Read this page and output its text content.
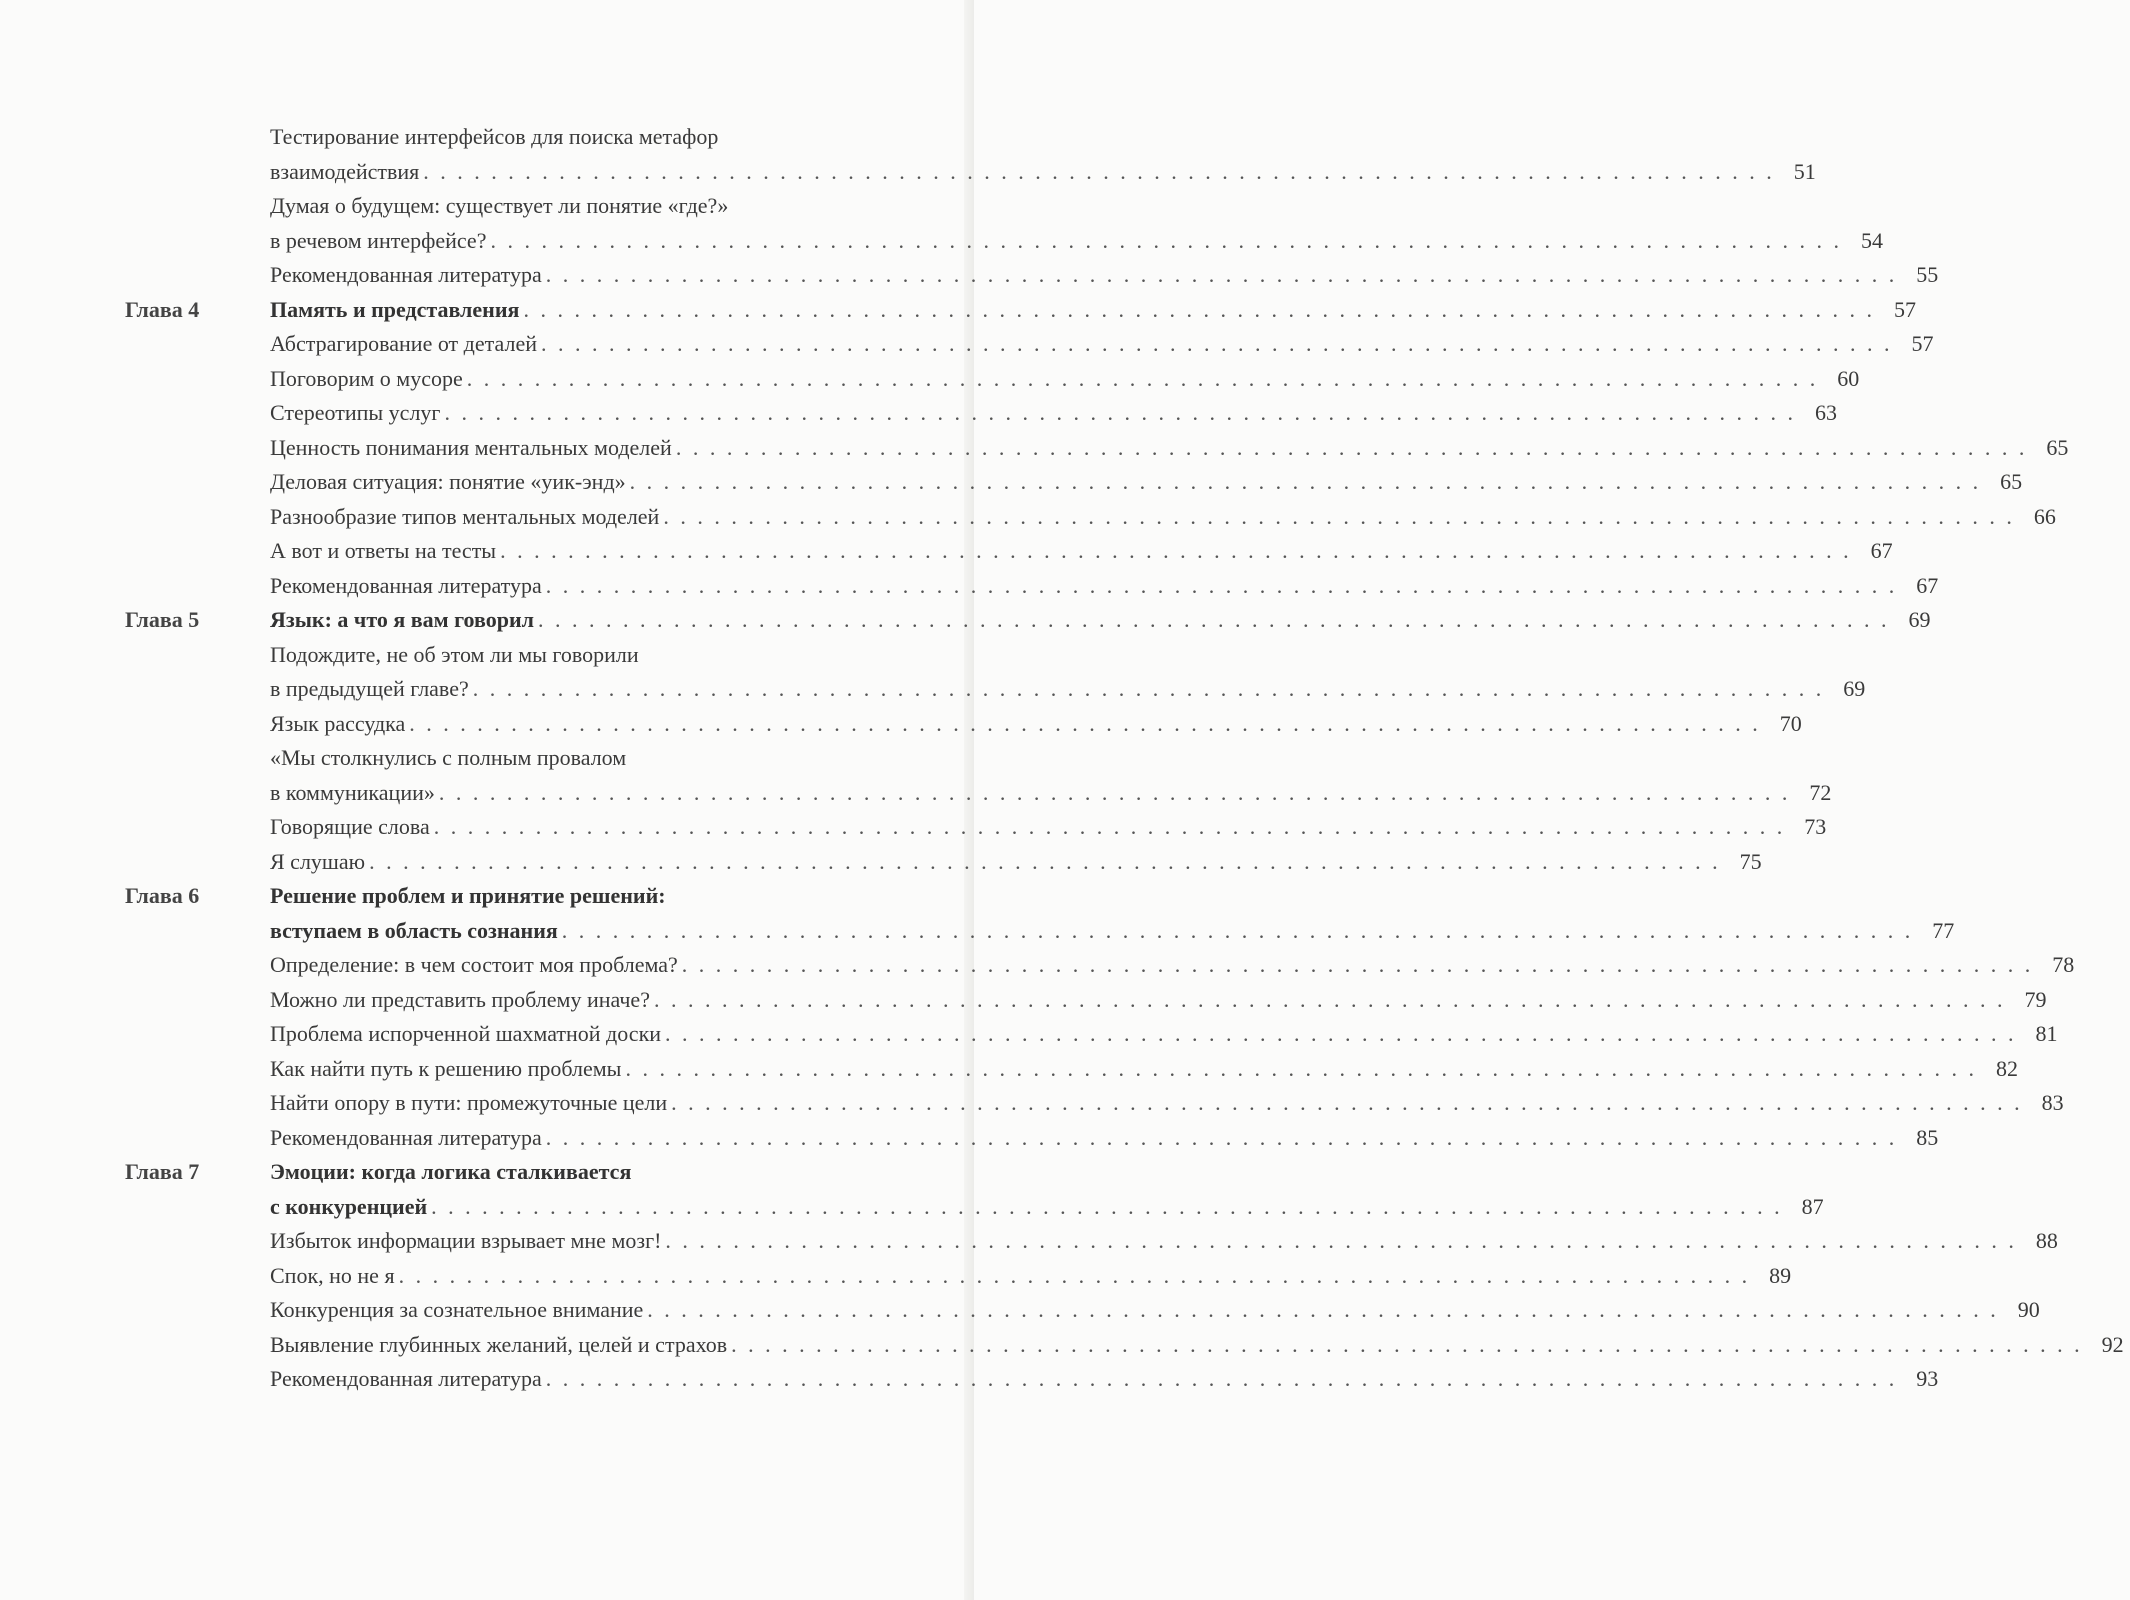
Тестирование интерфейсов для поиска метафор
взаимодействия . . .	51
Думая о будущем: существует ли понятие «где?»
в речевом интерфейсе? . . .	54
Рекомендованная литература . . .	55
Глава 4	Память и представления . . .	57
Абстрагирование от деталей . . .	57
Поговорим о мусоре . . .	60
Стереотипы услуг . . .	63
Ценность понимания ментальных моделей . . .	65
Деловая ситуация: понятие «уик-энд» . . .	65
Разнообразие типов ментальных моделей . . .	66
А вот и ответы на тесты . . .	67
Рекомендованная литература . . .	67
Глава 5	Язык: а что я вам говорил . . .	69
Подождите, не об этом ли мы говорили
в предыдущей главе? . . .	69
Язык рассудка . . .	70
«Мы столкнулись с полным провалом
в коммуникации» . . .	72
Говорящие слова . . .	73
Я слушаю . . .	75
Глава 6	Решение проблем и принятие решений:
вступаем в область сознания . . .	77
Определение: в чем состоит моя проблема? . . .	78
Можно ли представить проблему иначе? . . .	79
Проблема испорченной шахматной доски . . .	81
Как найти путь к решению проблемы . . .	82
Найти опору в пути: промежуточные цели . . .	83
Рекомендованная литература . . .	85
Глава 7	Эмоции: когда логика сталкивается
с конкуренцией . . .	87
Избыток информации взрывает мне мозг! . . .	88
Спок, но не я . . .	89
Конкуренция за сознательное внимание . . .	90
Выявление глубинных желаний, целей и страхов . . .	92
Рекомендованная литература . . .	93
